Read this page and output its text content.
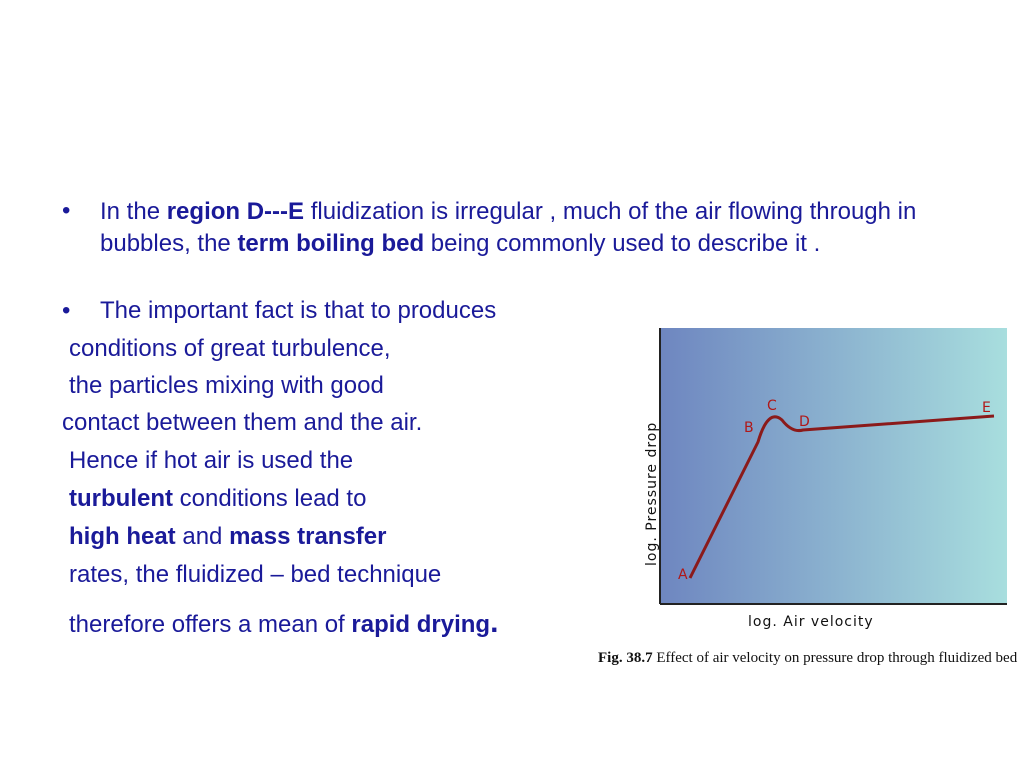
• In the region D---E fluidization is irregular , much of the air flowing through in bubbles, the term boiling bed being commonly used to describe it .
• The important fact is that to produces
conditions of great turbulence,
the particles mixing with good
contact between them and the air.
Hence if hot air is used the
turbulent conditions lead to
high heat and mass transfer
rates, the fluidized – bed technique
therefore offers a mean of rapid drying.
A
B
C
D
E
log. Pressure drop
log. Air velocity
Fig. 38.7 Effect of air velocity on pressure drop through fluidized bed
